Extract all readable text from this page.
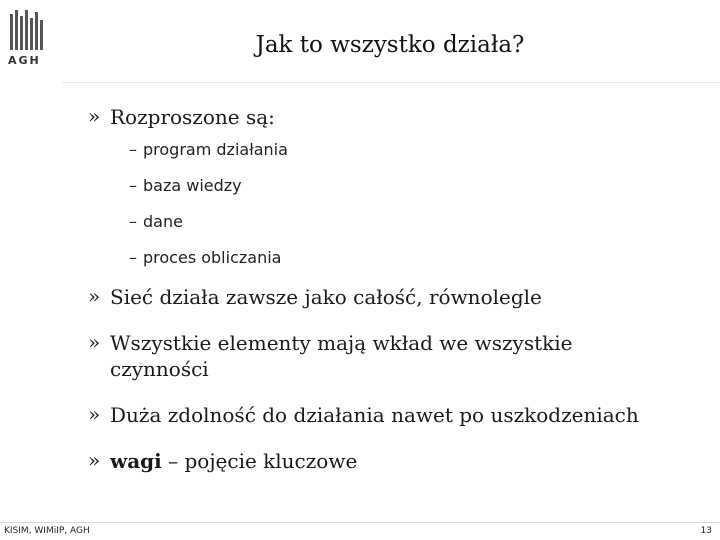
AGH
Jak to wszystko działa?
» Rozproszone są:
– program działania
– baza wiedzy
– dane
– proces obliczania
» Sieć działa zawsze jako całość, równolegle
» Wszystkie elementy mają wkład we wszystkie
czynności
» Duża zdolność do działania nawet po uszkodzeniach
» wagi – pojęcie kluczowe
KISIM, WIMiIP, AGH	13
